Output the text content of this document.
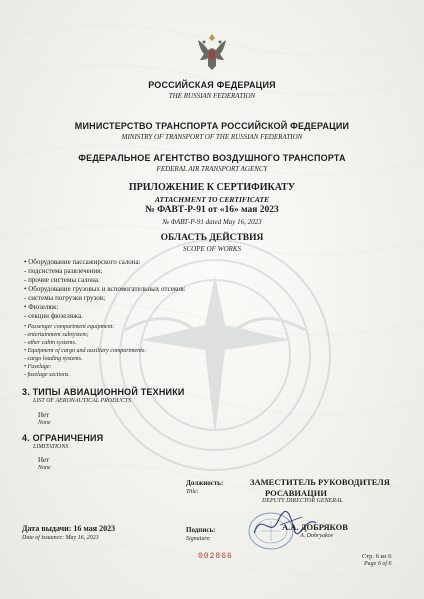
РОССИЙСКАЯ ФЕДЕРАЦИЯ
THE RUSSIAN FEDERATION
МИНИСТЕРСТВО ТРАНСПОРТА РОССИЙСКОЙ ФЕДЕРАЦИИ
MINISTRY OF TRANSPORT OF THE RUSSIAN FEDERATION
ФЕДЕРАЛЬНОЕ АГЕНТСТВО ВОЗДУШНОГО ТРАНСПОРТА
FEDERAL AIR TRANSPORT AGENCY
ПРИЛОЖЕНИЕ К СЕРТИФИКАТУ
ATTACHMENT TO CERTIFICATE
№ ФАВТ-Р-91 от «16» мая 2023
№ ФАВТ-Р-91 dated May 16, 2023
ОБЛАСТЬ ДЕЙСТВИЯ
SCOPE OF WORKS
• Оборудование пассажирского салона:
- подсистема развлечения;
- прочие системы салона.
• Оборудование грузовых и вспомогательных отсеков:
- системы погрузки грузов;
• Фюзеляж:
- секции фюзеляжа.
• Passenger compartment equipment:
- entertainment subsystem;
- other cabin systems.
• Equipment of cargo and auxiliary compartments:
- cargo loading systems.
• Fuselage:
- fuselage sections.
3. ТИПЫ АВИАЦИОННОЙ ТЕХНИКИ
LIST OF AERONAUTICAL PRODUCTS
Нет
None
4. ОГРАНИЧЕНИЯ
LIMITATIONS
Нет
None
Должность:
Title:
ЗАМЕСТИТЕЛЬ РУКОВОДИТЕЛЯ
РОСАВИАЦИИ
DEPUTY DIRECTOR GENERAL
Дата выдачи: 16 мая 2023
Date of issuance: May 16, 2023
Подпись:
Signature:
А.А. ДОБРЯКОВ
A. Dobryakov
002866	Стр. 6 из 6
Page 6 of 6
